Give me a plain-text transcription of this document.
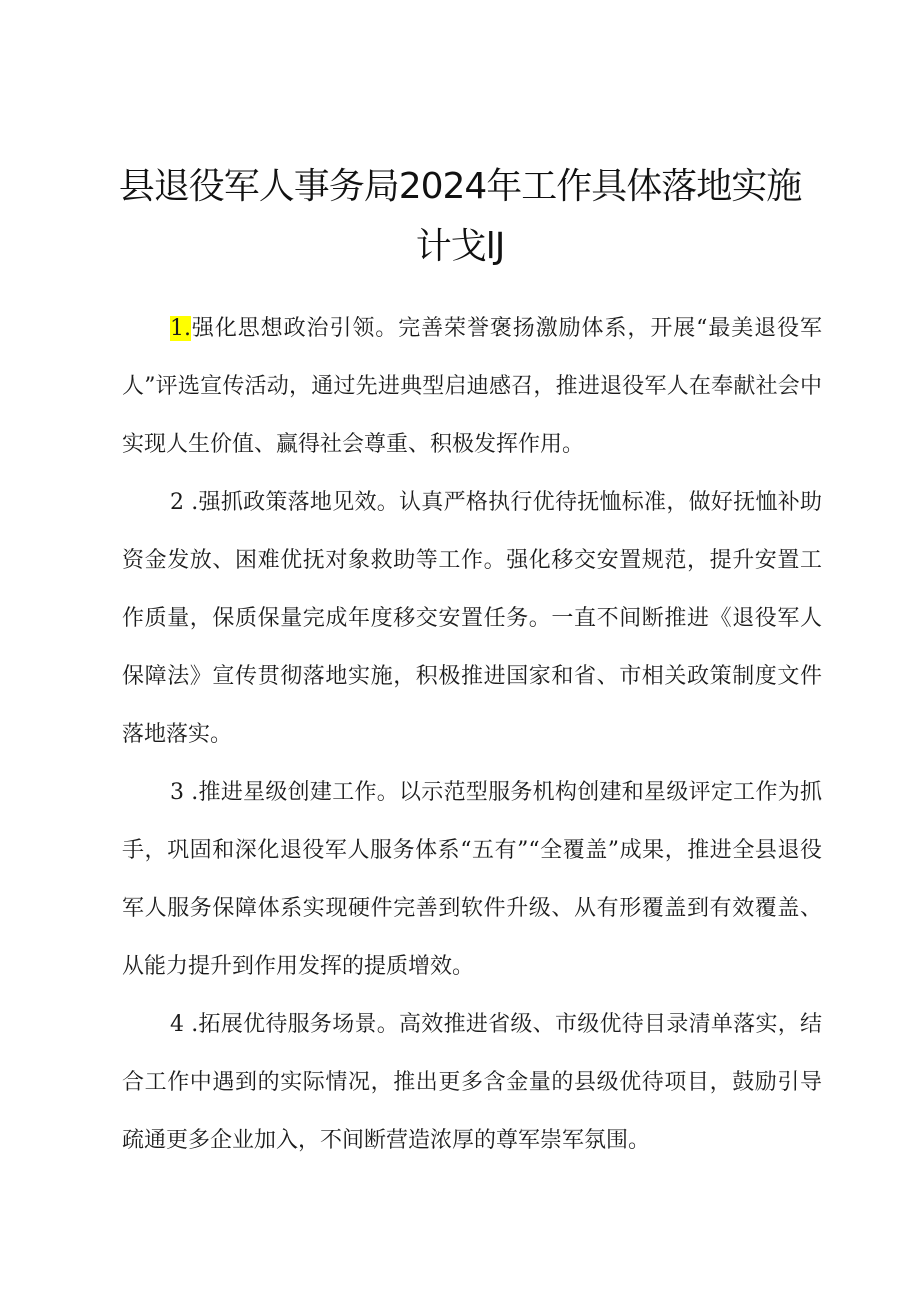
县退役军人事务局2024年工作具体落地实施
计戈lJ

1.强化思想政治引领。完善荣誉褒扬激励体系，开展“最美退役军人”评选宣传活动，通过先进典型启迪感召，推进退役军人在奉献社会中实现人生价值、赢得社会尊重、积极发挥作用。

2 .强抓政策落地见效。认真严格执行优待抚恤标准，做好抚恤补助资金发放、困难优抚对象救助等工作。强化移交安置规范，提升安置工作质量，保质保量完成年度移交安置任务。一直不间断推进《退役军人保障法》宣传贯彻落地实施，积极推进国家和省、市相关政策制度文件落地落实。

3 .推进星级创建工作。以示范型服务机构创建和星级评定工作为抓手，巩固和深化退役军人服务体系“五有”“全覆盖”成果，推进全县退役军人服务保障体系实现硬件完善到软件升级、从有形覆盖到有效覆盖、从能力提升到作用发挥的提质增效。

4 .拓展优待服务场景。高效推进省级、市级优待目录清单落实，结合工作中遇到的实际情况，推出更多含金量的县级优待项目，鼓励引导疏通更多企业加入，不间断营造浓厚的尊军崇军氛围。
